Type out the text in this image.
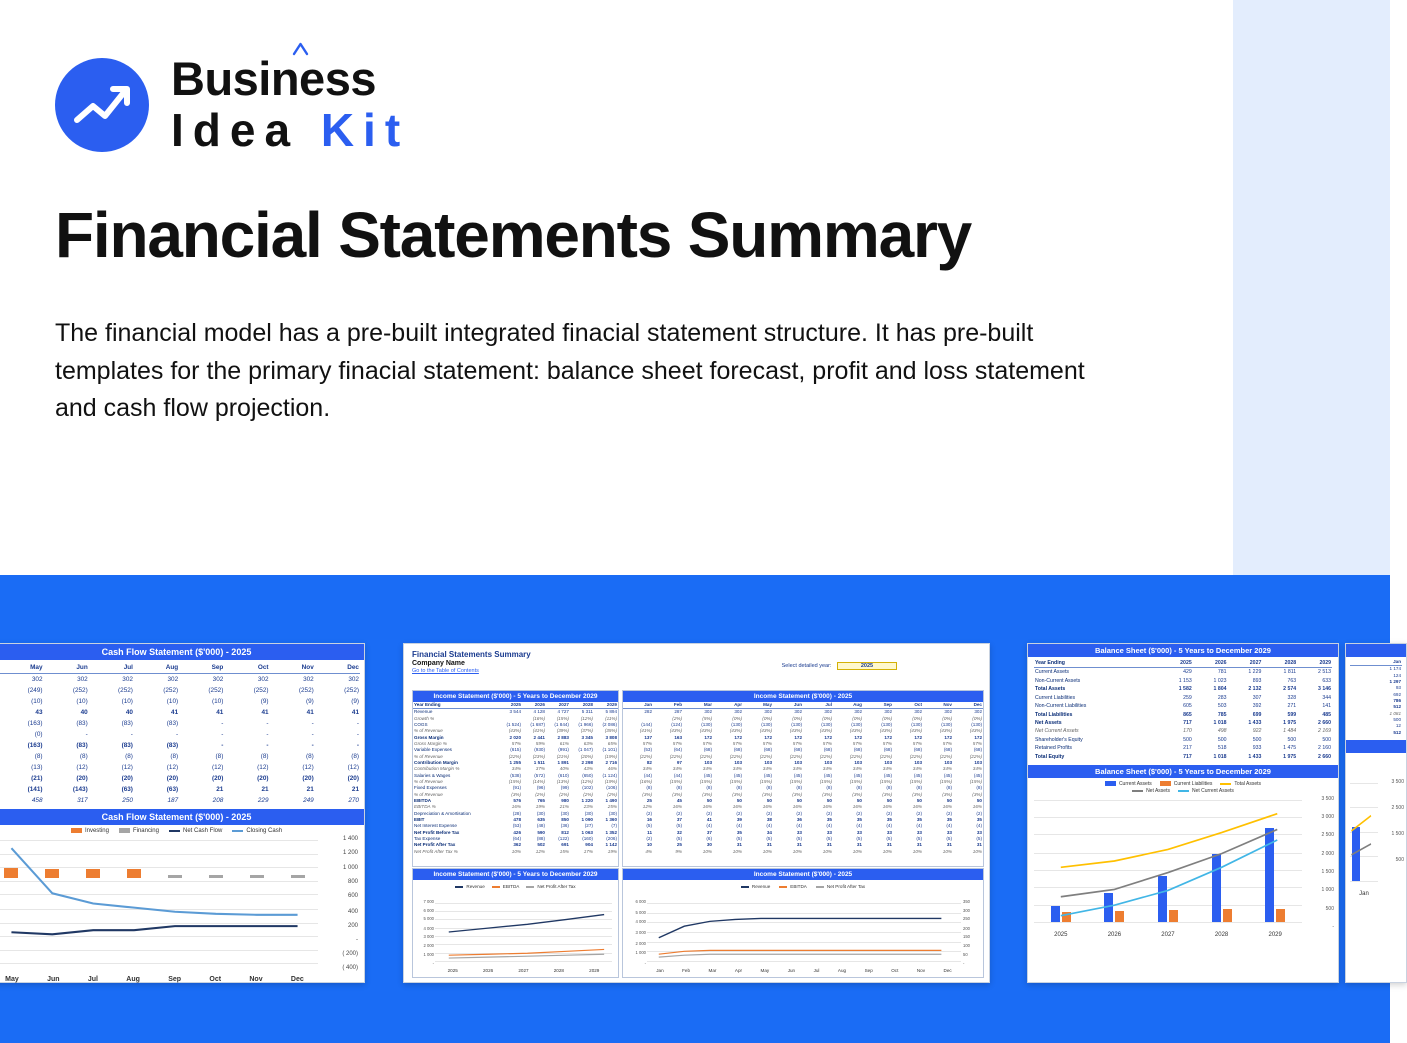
Business
Idea Kit
Financial Statements Summary
The financial model has a pre-built integrated finacial statement structure. It has pre-built templates for the primary finacial statement: balance sheet forecast, profit and loss statement and cash flow projection.
Cash Flow Statement ($'000) - 2025
	May	Jun	Jul	Aug	Sep	Oct	Nov	Dec
	302	302	302	302	302	302	302	302
	(249)	(252)	(252)	(252)	(252)	(252)	(252)	(252)
	(10)	(10)	(10)	(10)	(10)	(9)	(9)	(9)
	43	40	40	41	41	41	41	41
	(163)	(83)	(83)	(83)	-	-	-	-
	(0)	-	-	-	-	-	-	-
	(163)	(83)	(83)	(83)	-	-	-	-
	(8)	(8)	(8)	(8)	(8)	(8)	(8)	(8)
	(13)	(12)	(12)	(12)	(12)	(12)	(12)	(12)
	(21)	(20)	(20)	(20)	(20)	(20)	(20)	(20)
	(141)	(143)	(63)	(63)	21	21	21	21
	458	317	250	187	208	229	249	270
Cash Flow Statement ($'000) - 2025
Investing	Financing	Net Cash Flow	Closing Cash
1 400
1 200
1 000
800
600
400
200
-
( 200)
( 400)
May	Jun	Jul	Aug	Sep	Oct	Nov	Dec
Financial Statements Summary
Company Name
Go to the Table of Contents
Select detailed year:	2025
Income Statement ($'000) - 5 Years to December 2029
Year Ending	2025	2026	2027	2028	2029
Revenue	3 544	4 128	4 727	5 311	5 894
Growth %		(16%)	(15%)	(12%)	(11%)
COGS	(1 524)	(1 687)	(1 844)	(1 966)	(2 086)
% of Revenue	(43%)	(41%)	(39%)	(37%)	(35%)
Gross Margin	2 020	2 441	2 883	3 345	3 808
Gross Margin %	57%	59%	61%	63%	65%
Variable Expenses	(615)	(930)	(991)	(1 047)	(1 101)
% of Revenue	(22%)	(23%)	(21%)	(20%)	(19%)
Contribution Margin	1 255	1 511	1 891	2 298	2 716
Contribution Margin %	34%	37%	40%	43%	46%
Salaries & Wages	(538)	(572)	(610)	(650)	(1 124)
% of Revenue	(15%)	(14%)	(13%)	(12%)	(19%)
Fixed Expenses	(91)	(96)	(99)	(102)	(106)
% of Revenue	(3%)	(2%)	(2%)	(2%)	(2%)
EBITDA	576	765	980	1 220	1 490
EBITDA %	16%	19%	21%	23%	25%
Depreciation & Amortisation	(28)	(30)	(30)	(30)	(30)
EBIT	478	635	850	1 090	1 360
Net Interest Expense	(53)	(48)	(36)	(27)	(7)
Net Profit Before Tax	426	590	812	1 063	1 352
Tax Expense	(64)	(88)	(122)	(160)	(206)
Net Profit After Tax	362	502	691	904	1 142
Net Profit After Tax %	10%	12%	15%	17%	19%
Income Statement ($'000) - 2025
Jan	Feb	Mar	Apr	May	Jun	Jul	Aug	Sep	Oct	Nov	Dec
282	287	302	302	302	302	302	302	302	302	302	302
	(2%)	(5%)	(0%)	(0%)	(0%)	(0%)	(0%)	(0%)	(0%)	(0%)	(0%)
(144)	(124)	(130)	(130)	(130)	(130)	(130)	(130)	(130)	(130)	(130)	(130)
(41%)	(43%)	(43%)	(43%)	(43%)	(43%)	(43%)	(43%)	(43%)	(43%)	(43%)	(43%)
137	163	172	172	172	172	172	172	172	172	172	172
57%	57%	57%	57%	57%	57%	57%	57%	57%	57%	57%	57%
(53)	(64)	(68)	(68)	(68)	(68)	(68)	(68)	(68)	(68)	(68)	(68)
(22%)	(22%)	(22%)	(22%)	(22%)	(22%)	(22%)	(22%)	(22%)	(22%)	(22%)	(22%)
82	97	103	103	103	103	103	103	103	103	103	103
34%	34%	34%	34%	34%	34%	34%	34%	34%	34%	34%	34%
(44)	(44)	(45)	(45)	(45)	(45)	(45)	(45)	(45)	(45)	(45)	(45)
(16%)	(15%)	(15%)	(15%)	(15%)	(15%)	(15%)	(15%)	(15%)	(15%)	(15%)	(15%)
(8)	(8)	(8)	(8)	(8)	(8)	(8)	(8)	(8)	(8)	(8)	(8)
(3%)	(3%)	(3%)	(3%)	(3%)	(3%)	(3%)	(3%)	(3%)	(3%)	(3%)	(3%)
25	45	50	50	50	50	50	50	50	50	50	50
12%	16%	16%	16%	16%	16%	16%	16%	16%	16%	16%	16%
(2)	(2)	(2)	(2)	(2)	(2)	(2)	(2)	(2)	(2)	(2)	(2)
16	37	41	39	38	36	35	35	35	35	35	35
(5)	(5)	(4)	(4)	(4)	(4)	(4)	(4)	(4)	(4)	(4)	(4)
11	32	37	35	34	33	33	33	33	33	33	33
(2)	(5)	(6)	(5)	(5)	(5)	(5)	(5)	(5)	(5)	(5)	(5)
10	25	30	31	31	31	31	31	31	31	31	31
4%	9%	10%	10%	10%	10%	10%	10%	10%	10%	10%	10%
Income Statement ($'000) - 5 Years to December 2029
Revenue	EBITDA	Net Profit After Tax
7 000
6 000
5 000
4 000
3 000
2 000
1 000
-
2025	2026	2027	2028	2029
Income Statement ($'000) - 2025
Revenue	EBITDA	Net Profit After Tax
6 000
5 000
4 000
3 000
2 000
1 000
-
350
300
250
200
150
100
50
-
Jan	Feb	Mar	Apr	May	Jun	Jul	Aug	Sep	Oct	Nov	Dec
Balance Sheet ($'000) - 5 Years to December 2029
Year Ending	2025	2026	2027	2028	2029
Current Assets	429	781	1 229	1 811	2 513
Non-Current Assets	1 153	1 023	893	763	633
Total Assets	1 582	1 804	2 132	2 574	3 146
Current Liabilities	259	283	307	328	344
Non-Current Liabilities	605	503	392	271	141
Total Liabilities	865	785	699	599	485
Net Assets	717	1 018	1 433	1 975	2 660
Net Current Assets	170	498	922	1 484	2 169
Shareholder's Equity	500	500	500	500	500
Retained Profits	217	518	933	1 475	2 160
Total Equity	717	1 018	1 433	1 975	2 660
Balance Sheet ($'000) - 5 Years to December 2029
Current Assets	Current Liabilities	Total Assets
Net Assets	Net Current Assets
3 500
3 000
2 500
2 000
1 500
1 000
500
-
2025	2026	2027	2028	2029

Jan
1 174
124
1 297
93
692
786
512
1 081
500
12
512

3 500
2 500
1 500
500
Jan
